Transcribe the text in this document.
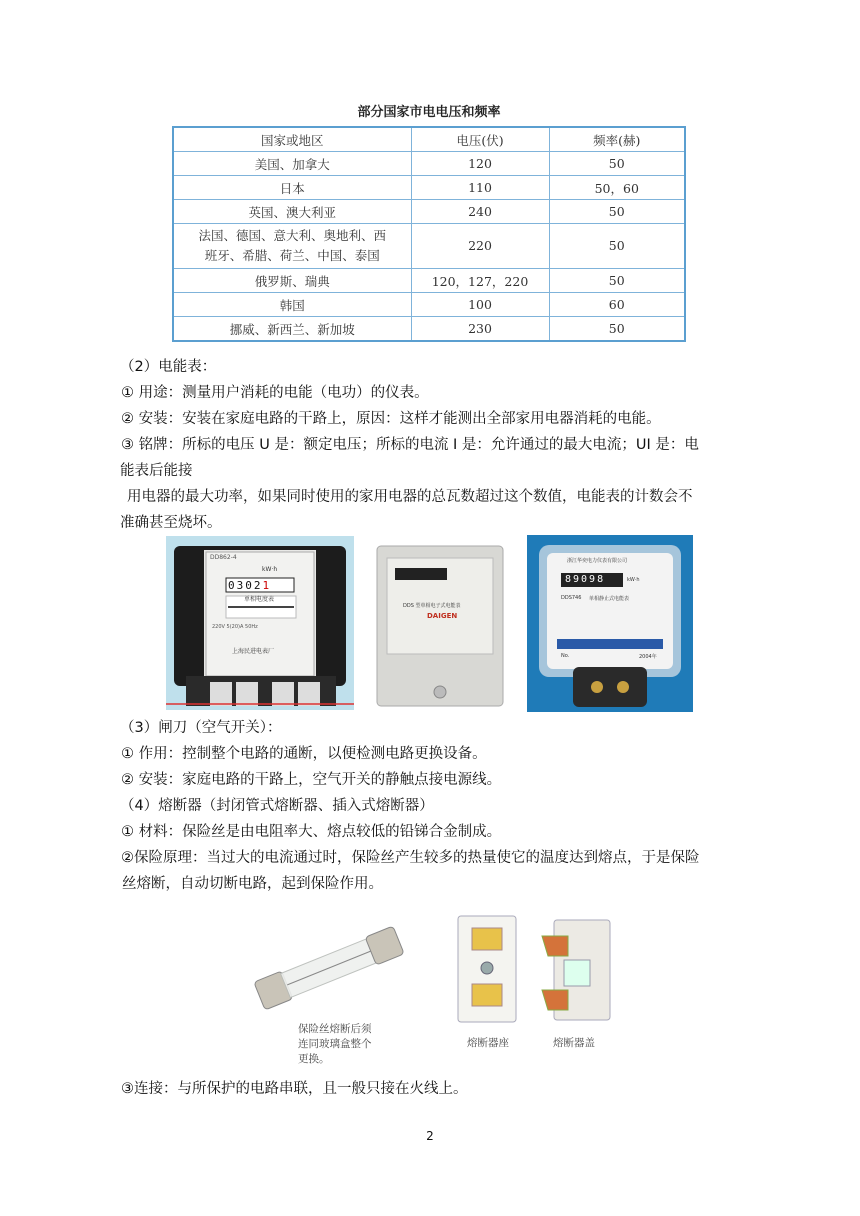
部分国家市电电压和频率
国家或地区	电压(伏)	频率(赫)
美国、加拿大	120	50
日本	110	50，60
英国、澳大利亚	240	50
法国、德国、意大利、奥地利、西
班牙、希腊、荷兰、中国、泰国	220	50
俄罗斯、瑞典	120，127，220	50
韩国	100	60
挪威、新西兰、新加坡	230	50
（2）电能表：
① 用途：测量用户消耗的电能（电功）的仪表。
② 安装：安装在家庭电路的干路上，原因：这样才能测出全部家用电器消耗的电能。
③ 铭牌：所标的电压 U 是：额定电压；所标的电流 I 是：允许通过的最大电流；UI 是：电
能表后能接
用电器的最大功率，如果同时使用的家用电器的总瓦数超过这个数值，电能表的计数会不
准确甚至烧坏。
DD862-4
kW·h
03021
单相电度表
220V 5(20)A 50Hz
上海民进电表厂
DDS 型单相电子式电能表
DAIGEN
浙江华奕电力仪表有限公司
89098	kW·h
DDS746 单相静止式电能表
No.	2004年
（3）闸刀（空气开关）：
① 作用：控制整个电路的通断，以便检测电路更换设备。
② 安装：家庭电路的干路上，空气开关的静触点接电源线。
（4）熔断器（封闭管式熔断器、插入式熔断器）
① 材料：保险丝是由电阻率大、熔点较低的铅锑合金制成。
②保险原理：当过大的电流通过时，保险丝产生较多的热量使它的温度达到熔点，于是保险
丝熔断，自动切断电路，起到保险作用。
保险丝熔断后须
连同玻璃盒整个
更换。
熔断器座	熔断器盖
③连接：与所保护的电路串联，且一般只接在火线上。
2
